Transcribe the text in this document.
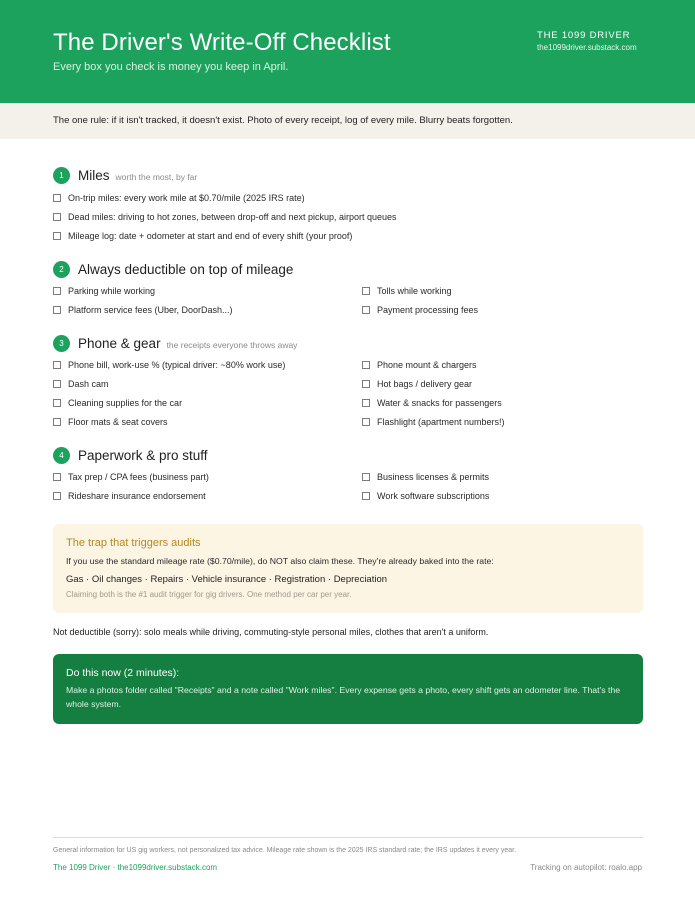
The Driver's Write-Off Checklist
Every box you check is money you keep in April.
THE 1099 DRIVER
the1099driver.substack.com
The one rule: if it isn't tracked, it doesn't exist. Photo of every receipt, log of every mile. Blurry beats forgotten.
1	Miles worth the most, by far
On-trip miles: every work mile at $0.70/mile (2025 IRS rate)
Dead miles: driving to hot zones, between drop-off and next pickup, airport queues
Mileage log: date + odometer at start and end of every shift (your proof)
2	Always deductible on top of mileage
Parking while working	Tolls while working
Platform service fees (Uber, DoorDash...)	Payment processing fees
3	Phone & gear the receipts everyone throws away
Phone bill, work-use % (typical driver: ~80% work use)	Phone mount & chargers
Dash cam	Hot bags / delivery gear
Cleaning supplies for the car	Water & snacks for passengers
Floor mats & seat covers	Flashlight (apartment numbers!)
4	Paperwork & pro stuff
Tax prep / CPA fees (business part)	Business licenses & permits
Rideshare insurance endorsement	Work software subscriptions
The trap that triggers audits
If you use the standard mileage rate ($0.70/mile), do NOT also claim these. They're already baked into the rate:
Gas · Oil changes · Repairs · Vehicle insurance · Registration · Depreciation
Claiming both is the #1 audit trigger for gig drivers. One method per car per year.
Not deductible (sorry): solo meals while driving, commuting-style personal miles, clothes that aren't a uniform.
Do this now (2 minutes):
Make a photos folder called "Receipts" and a note called "Work miles". Every expense gets a photo, every shift gets an odometer line. That's the whole system.
General information for US gig workers, not personalized tax advice. Mileage rate shown is the 2025 IRS standard rate; the IRS updates it every year.
The 1099 Driver · the1099driver.substack.com	Tracking on autopilot: roalo.app
